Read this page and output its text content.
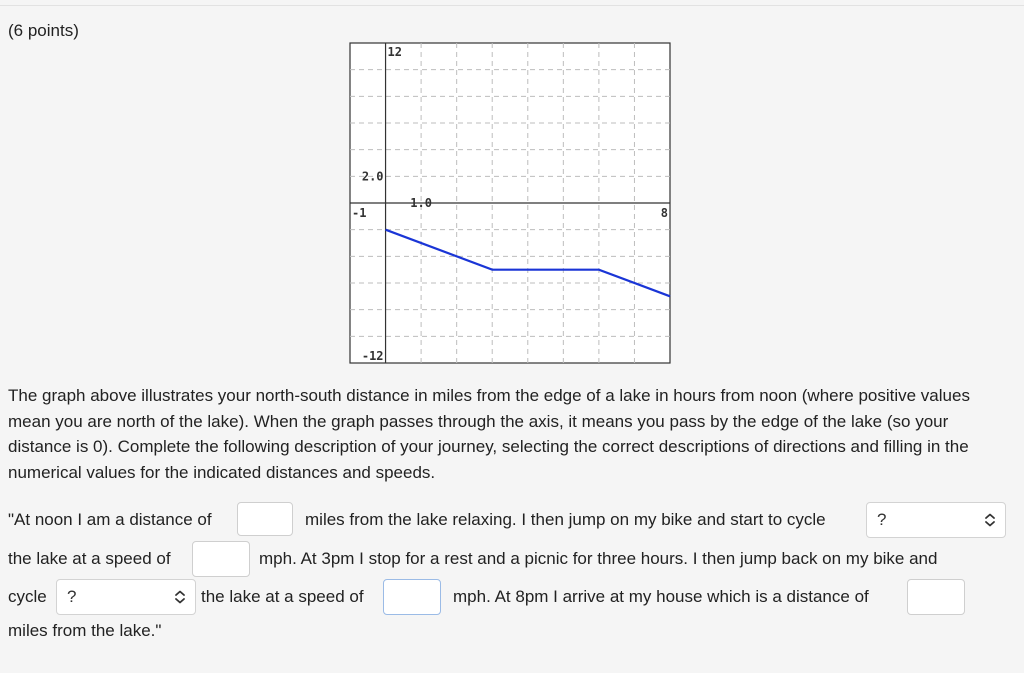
(6 points)
12
-12
-1	8
2.0
1.0

The graph above illustrates your north-south distance in miles from the edge of a lake in hours from noon (where positive values mean you are north of the lake). When the graph passes through the axis, it means you pass by the edge of the lake (so your distance is 0). Complete the following description of your journey, selecting the correct descriptions of directions and filling in the numerical values for the indicated distances and speeds.

"At noon I am a distance of	miles from the lake relaxing. I then jump on my bike and start to cycle	?
the lake at a speed of	mph. At 3pm I stop for a rest and a picnic for three hours. I then jump back on my bike and
cycle ?	the lake at a speed of	mph. At 8pm I arrive at my house which is a distance of
miles from the lake."
